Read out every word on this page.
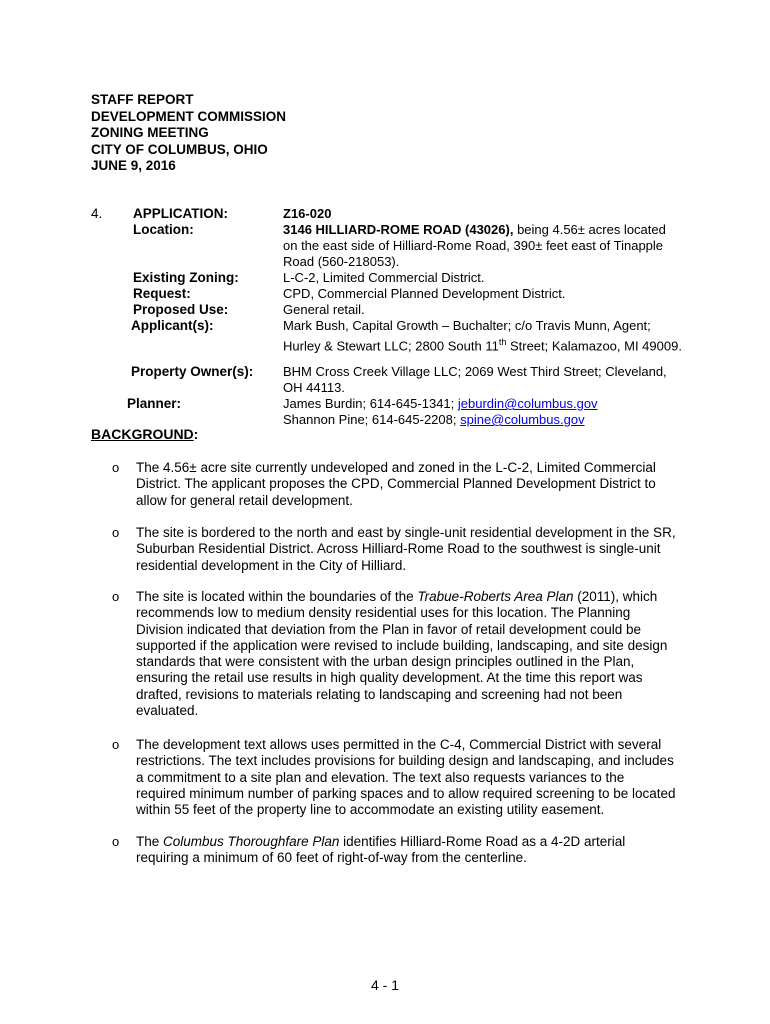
STAFF REPORT
DEVELOPMENT COMMISSION
ZONING MEETING
CITY OF COLUMBUS, OHIO
JUNE 9, 2016
4. APPLICATION:	Z16-020
Location:	3146 HILLIARD-ROME ROAD (43026), being 4.56± acres located on the east side of Hilliard-Rome Road, 390± feet east of Tinapple Road (560-218053).
Existing Zoning:	L-C-2, Limited Commercial District.
Request:	CPD, Commercial Planned Development District.
Proposed Use:	General retail.
Applicant(s):	Mark Bush, Capital Growth – Buchalter; c/o Travis Munn, Agent; Hurley & Stewart LLC; 2800 South 11th Street; Kalamazoo, MI 49009.
Property Owner(s): BHM Cross Creek Village LLC; 2069 West Third Street; Cleveland, OH 44113.
Planner:	James Burdin; 614-645-1341; jeburdin@columbus.gov
Shannon Pine; 614-645-2208; spine@columbus.gov
BACKGROUND:
o The 4.56± acre site currently undeveloped and zoned in the L-C-2, Limited Commercial District. The applicant proposes the CPD, Commercial Planned Development District to allow for general retail development.
o The site is bordered to the north and east by single-unit residential development in the SR, Suburban Residential District. Across Hilliard-Rome Road to the southwest is single-unit residential development in the City of Hilliard.
o The site is located within the boundaries of the Trabue-Roberts Area Plan (2011), which recommends low to medium density residential uses for this location. The Planning Division indicated that deviation from the Plan in favor of retail development could be supported if the application were revised to include building, landscaping, and site design standards that were consistent with the urban design principles outlined in the Plan, ensuring the retail use results in high quality development. At the time this report was drafted, revisions to materials relating to landscaping and screening had not been evaluated.
o The development text allows uses permitted in the C-4, Commercial District with several restrictions. The text includes provisions for building design and landscaping, and includes a commitment to a site plan and elevation. The text also requests variances to the required minimum number of parking spaces and to allow required screening to be located within 55 feet of the property line to accommodate an existing utility easement.
o The Columbus Thoroughfare Plan identifies Hilliard-Rome Road as a 4-2D arterial requiring a minimum of 60 feet of right-of-way from the centerline.
4 - 1
